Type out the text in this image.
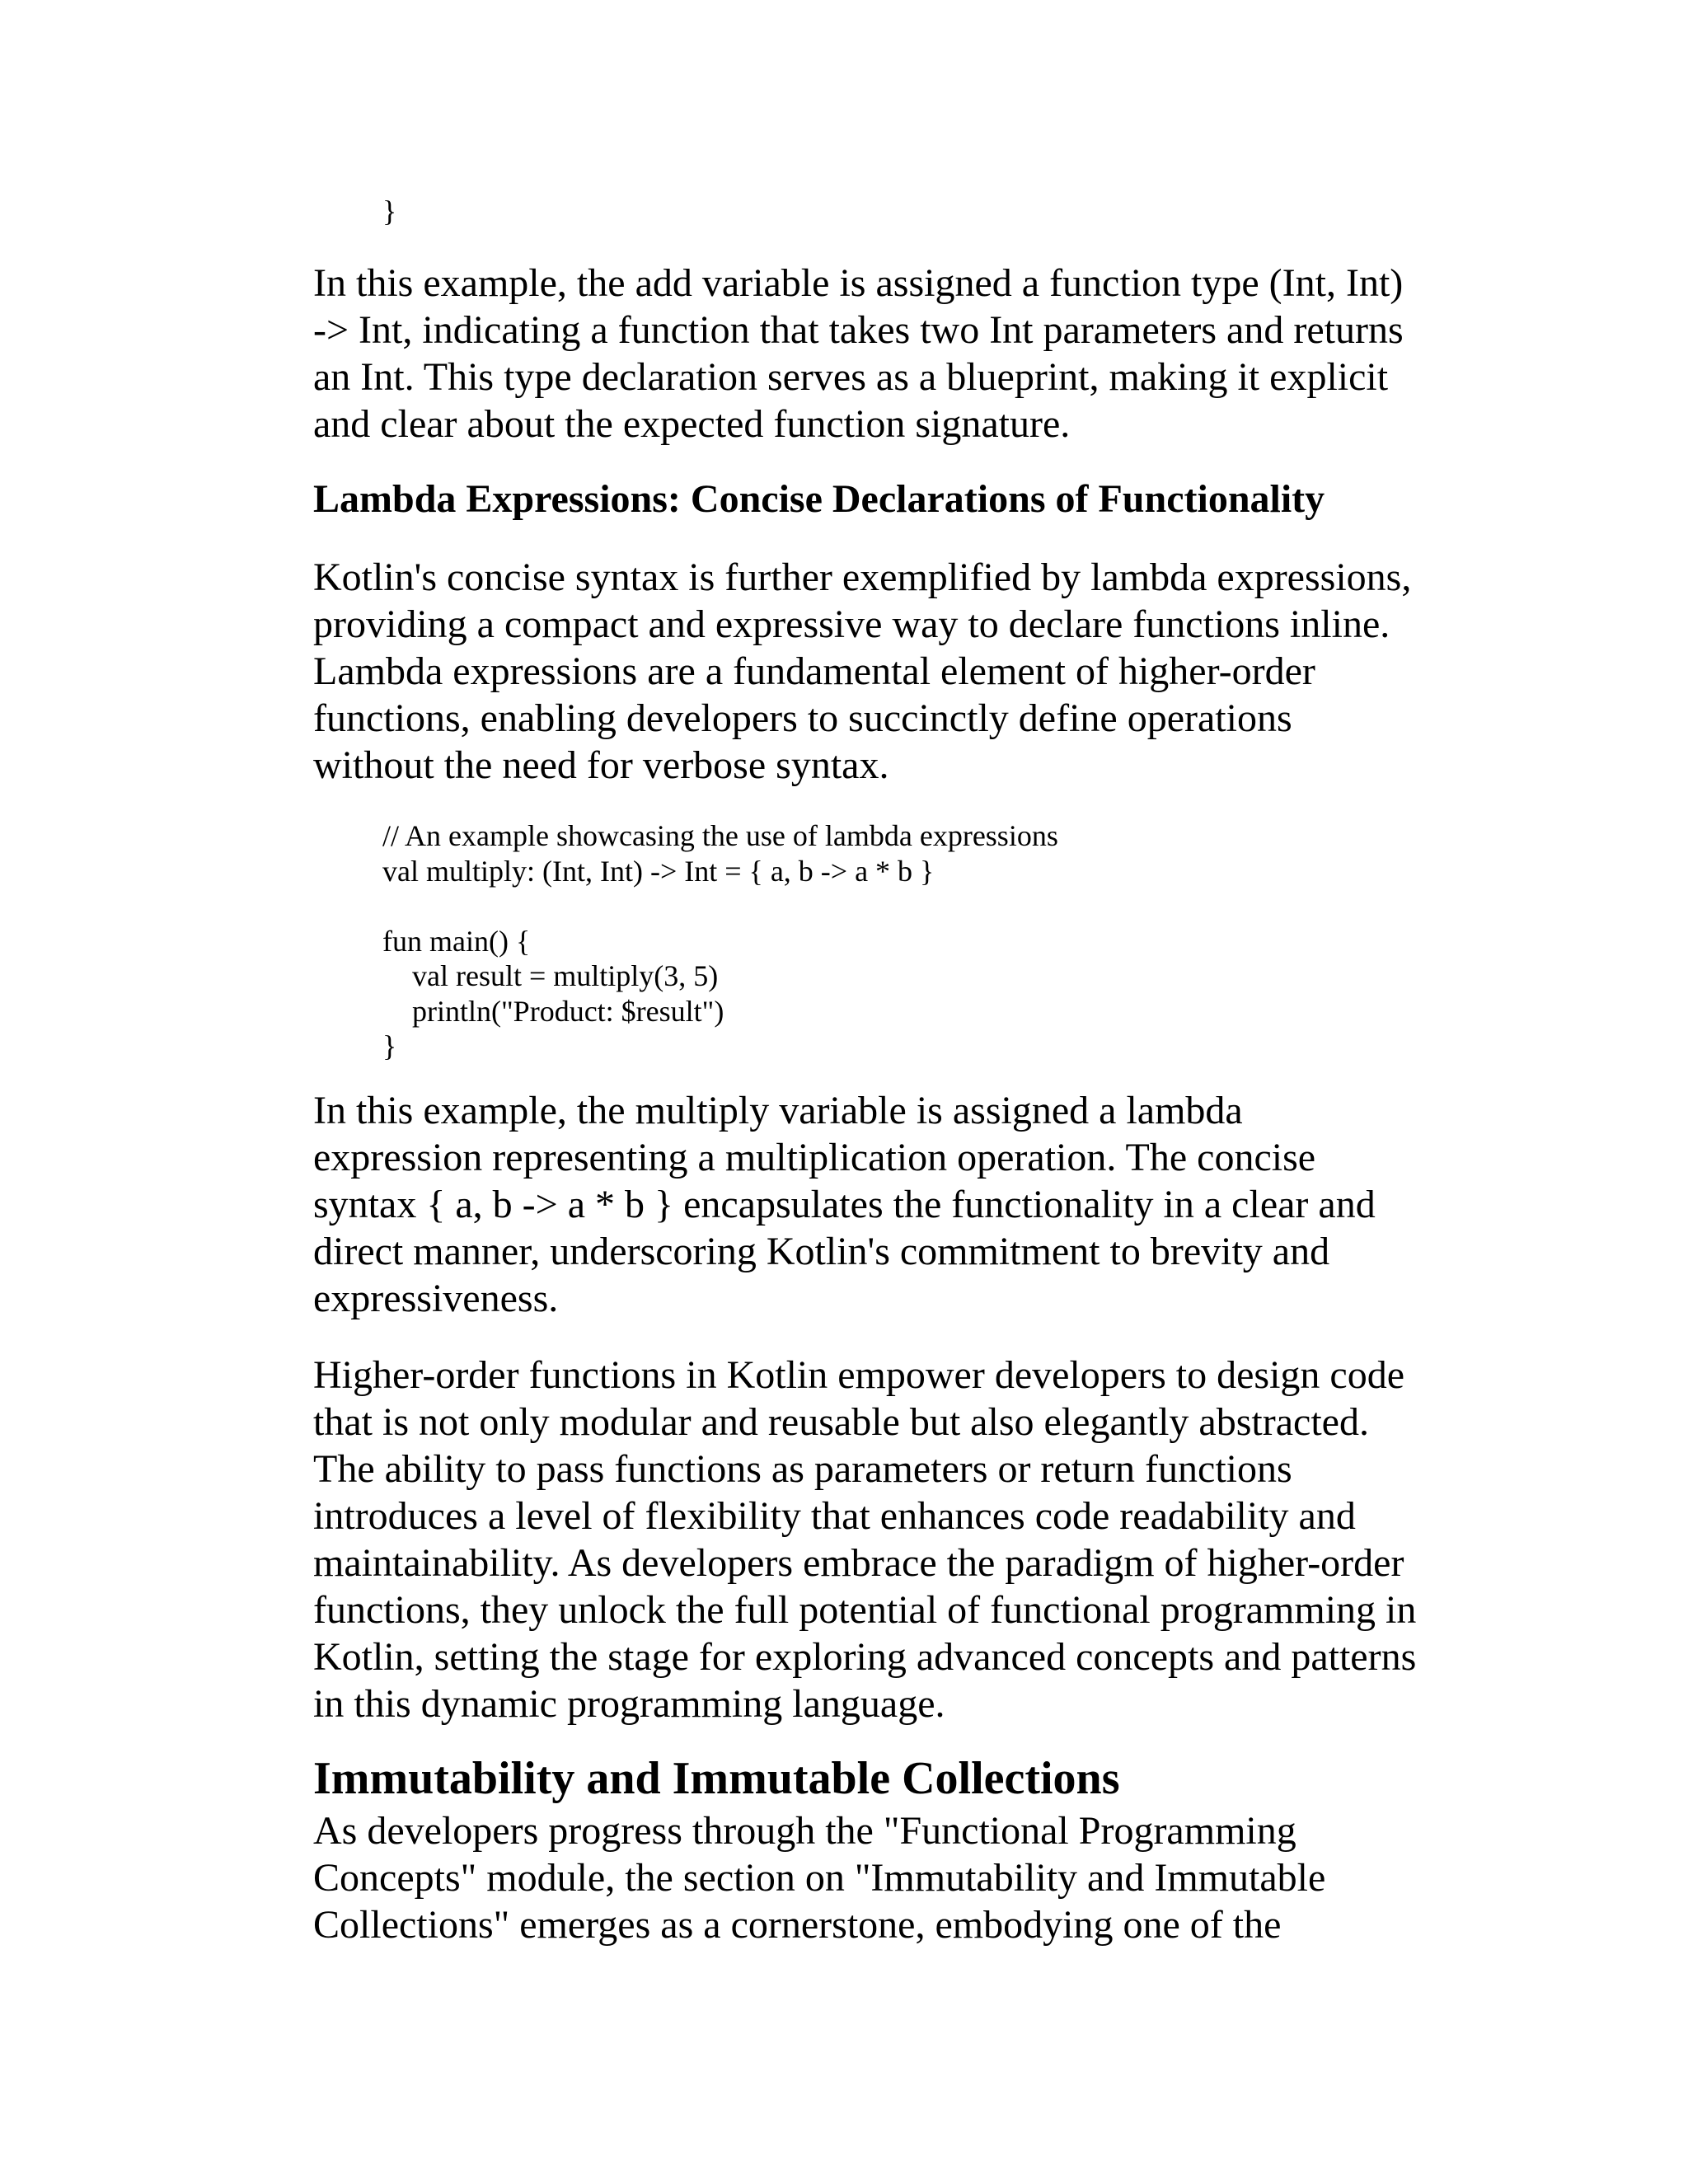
}

In this example, the add variable is assigned a function type (Int, Int)
-> Int, indicating a function that takes two Int parameters and returns
an Int. This type declaration serves as a blueprint, making it explicit
and clear about the expected function signature.

Lambda Expressions: Concise Declarations of Functionality

Kotlin's concise syntax is further exemplified by lambda expressions,
providing a compact and expressive way to declare functions inline.
Lambda expressions are a fundamental element of higher-order
functions, enabling developers to succinctly define operations
without the need for verbose syntax.

// An example showcasing the use of lambda expressions
val multiply: (Int, Int) -> Int = { a, b -> a * b }

fun main() {
val result = multiply(3, 5)
println("Product: $result")
}

In this example, the multiply variable is assigned a lambda
expression representing a multiplication operation. The concise
syntax { a, b -> a * b } encapsulates the functionality in a clear and
direct manner, underscoring Kotlin's commitment to brevity and
expressiveness.

Higher-order functions in Kotlin empower developers to design code
that is not only modular and reusable but also elegantly abstracted.
The ability to pass functions as parameters or return functions
introduces a level of flexibility that enhances code readability and
maintainability. As developers embrace the paradigm of higher-order
functions, they unlock the full potential of functional programming in
Kotlin, setting the stage for exploring advanced concepts and patterns
in this dynamic programming language.

Immutability and Immutable Collections

As developers progress through the "Functional Programming
Concepts" module, the section on "Immutability and Immutable
Collections" emerges as a cornerstone, embodying one of the
